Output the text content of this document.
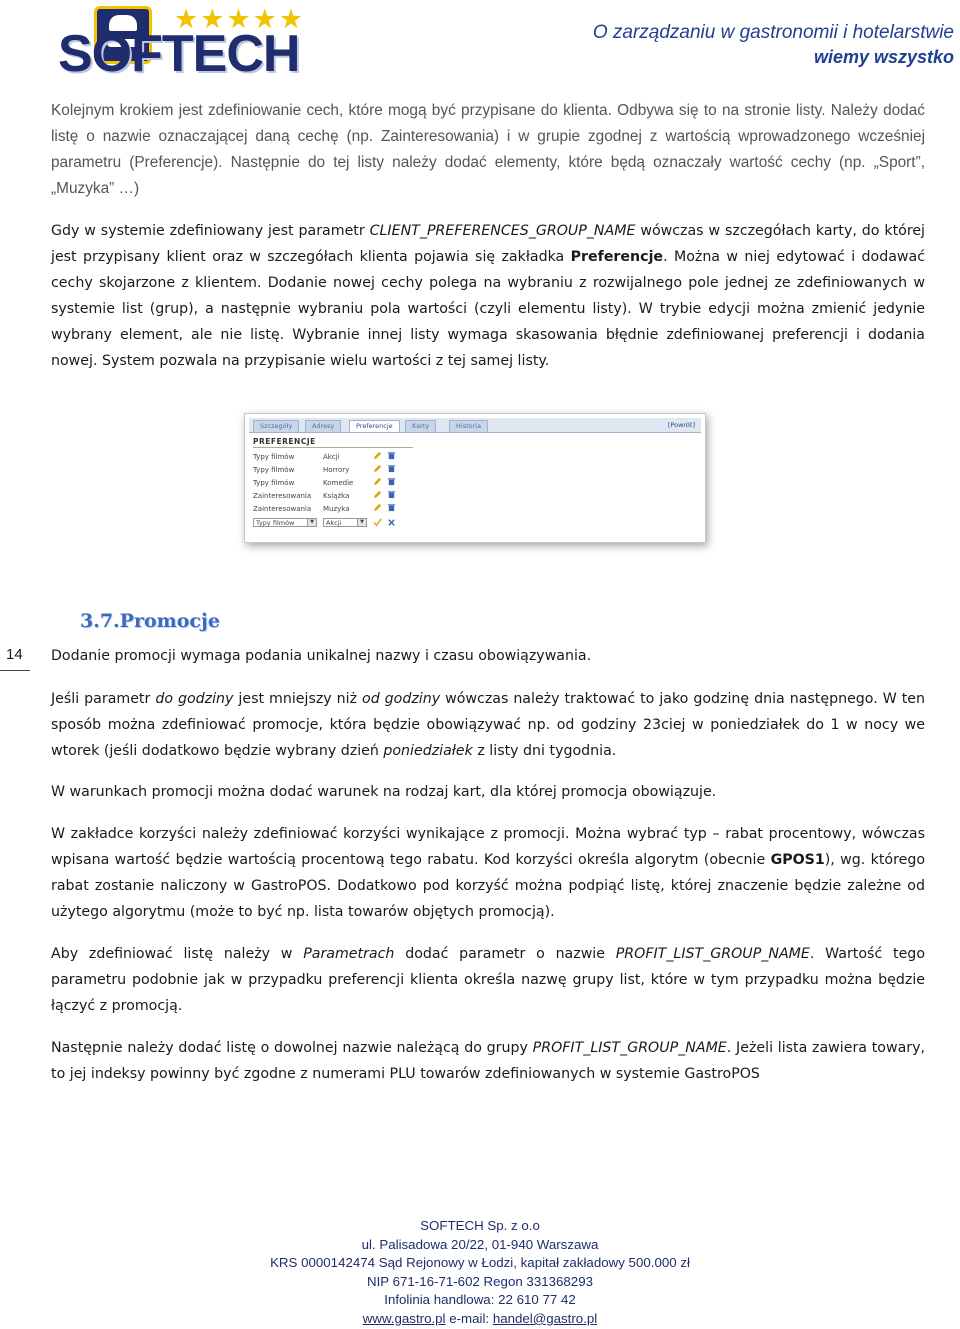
★★★★★
SOFTECH	O zarządzaniu w gastronomii i hotelarstwie
wiemy wszystko

Kolejnym krokiem jest zdefiniowanie cech, które mogą być przypisane do klienta. Odbywa się to na stronie listy. Należy dodać listę o nazwie oznaczającej daną cechę (np. Zainteresowania) i w grupie zgodnej z wartością wprowadzonego wcześniej parametru (Preferencje). Następnie do tej listy należy dodać elementy, które będą oznaczały wartość cechy (np. „Sport”, „Muzyka” …)

Gdy w systemie zdefiniowany jest parametr CLIENT_PREFERENCES_GROUP_NAME wówczas w szczegółach karty, do której jest przypisany klient oraz w szczegółach klienta pojawia się zakładka Preferencje. Można w niej edytować i dodawać cechy skojarzone z klientem. Dodanie nowej cechy polega na wybraniu z rozwijalnego pole jednej ze zdefiniowanych w systemie list (grup), a następnie wybraniu pola wartości (czyli elementu listy). W trybie edycji można zmienić jedynie wybrany element, ale nie listę. Wybranie innej listy wymaga skasowania błędnie zdefiniowanej preferencji i dodania nowej. System pozwala na przypisanie wielu wartości z tej samej listy.

Szczegóły	Adresy	Preferencje	Karty	Historia	[Powrót]
PREFERENCJE
Typy filmów	Akcji
Typy filmów	Horrory
Typy filmów	Komedie
Zainteresowania Książka
Zainteresowania Muzyka
Typy filmów	▼	Akcji	▼
3.7.Promocje
14 Dodanie promocji wymaga podania unikalnej nazwy i czasu obowiązywania.

Jeśli parametr do godziny jest mniejszy niż od godziny wówczas należy traktować to jako godzinę dnia następnego. W ten sposób można zdefiniować promocje, która będzie obowiązywać np. od godziny 23ciej w poniedziałek do 1 w nocy we wtorek (jeśli dodatkowo będzie wybrany dzień poniedziałek z listy dni tygodnia.

W warunkach promocji można dodać warunek na rodzaj kart, dla której promocja obowiązuje.

W zakładce korzyści należy zdefiniować korzyści wynikające z promocji. Można wybrać typ – rabat procentowy, wówczas wpisana wartość będzie wartością procentową tego rabatu. Kod korzyści określa algorytm (obecnie GPOS1), wg. którego rabat zostanie naliczony w GastroPOS. Dodatkowo pod korzyść można podpiąć listę, której znaczenie będzie zależne od użytego algorytmu (może to być np. lista towarów objętych promocją).

Aby zdefiniować listę należy w Parametrach dodać parametr o nazwie PROFIT_LIST_GROUP_NAME. Wartość tego parametru podobnie jak w przypadku preferencji klienta określa nazwę grupy list, które w tym przypadku można będzie łączyć z promocją.

Następnie należy dodać listę o dowolnej nazwie należącą do grupy PROFIT_LIST_GROUP_NAME. Jeżeli lista zawiera towary, to jej indeksy powinny być zgodne z numerami PLU towarów zdefiniowanych w systemie GastroPOS

SOFTECH Sp. z o.o
ul. Palisadowa 20/22, 01-940 Warszawa
KRS 0000142474 Sąd Rejonowy w Łodzi, kapitał zakładowy 500.000 zł
NIP 671-16-71-602 Regon 331368293
Infolinia handlowa: 22 610 77 42
www.gastro.pl e-mail: handel@gastro.pl
